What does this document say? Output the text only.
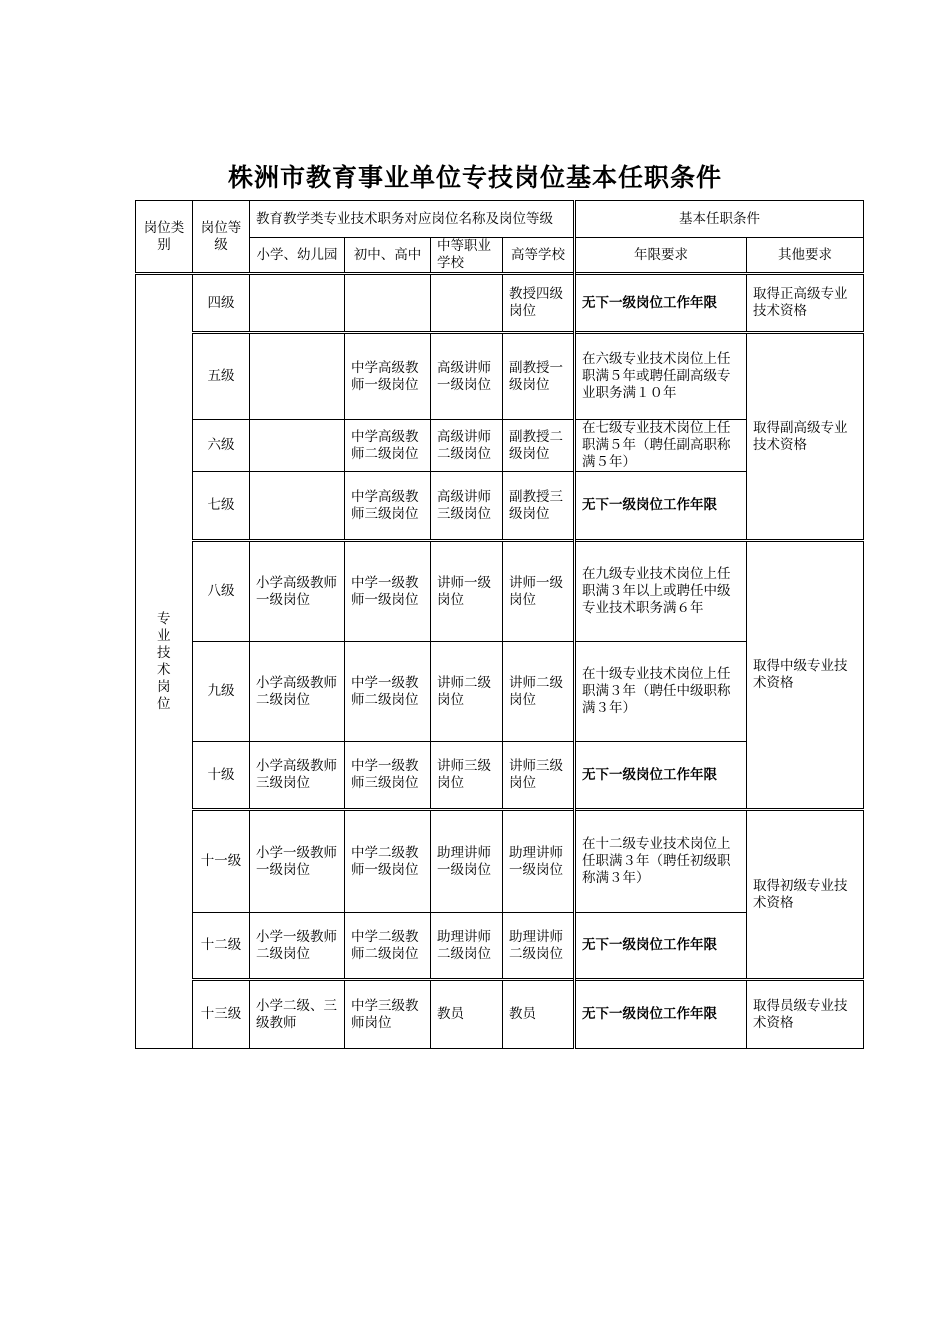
株洲市教育事业单位专技岗位基本任职条件
岗位类别	岗位等级	教育教学类专业技术职务对应岗位名称及岗位等级				基本任职条件	
		小学、幼儿园	初中、高中	中等职业学校	高等学校	年限要求	其他要求

专业技术岗位	四级				教授四级岗位	无下一级岗位工作年限	取得正高级专业技术资格
	五级		中学高级教师一级岗位	高级讲师一级岗位	副教授一级岗位	在六级专业技术岗位上任职满５年或聘任副高级专业职务满１０年	取得副高级专业技术资格
	六级		中学高级教师二级岗位	高级讲师二级岗位	副教授二级岗位	在七级专业技术岗位上任职满５年（聘任副高职称满５年）	
	七级		中学高级教师三级岗位	高级讲师三级岗位	副教授三级岗位	无下一级岗位工作年限	
	八级	小学高级教师一级岗位	中学一级教师一级岗位	讲师一级岗位	讲师一级岗位	在九级专业技术岗位上任职满３年以上或聘任中级专业技术职务满６年	取得中级专业技术资格
	九级	小学高级教师二级岗位	中学一级教师二级岗位	讲师二级岗位	讲师二级岗位	在十级专业技术岗位上任职满３年（聘任中级职称满３年）	
	十级	小学高级教师三级岗位	中学一级教师三级岗位	讲师三级岗位	讲师三级岗位	无下一级岗位工作年限	
	十一级	小学一级教师一级岗位	中学二级教师一级岗位	助理讲师一级岗位	助理讲师一级岗位	在十二级专业技术岗位上任职满３年（聘任初级职称满３年）	取得初级专业技术资格
	十二级	小学一级教师二级岗位	中学二级教师二级岗位	助理讲师二级岗位	助理讲师二级岗位	无下一级岗位工作年限	
	十三级	小学二级、三级教师	中学三级教师岗位	教员	教员	无下一级岗位工作年限	取得员级专业技术资格
